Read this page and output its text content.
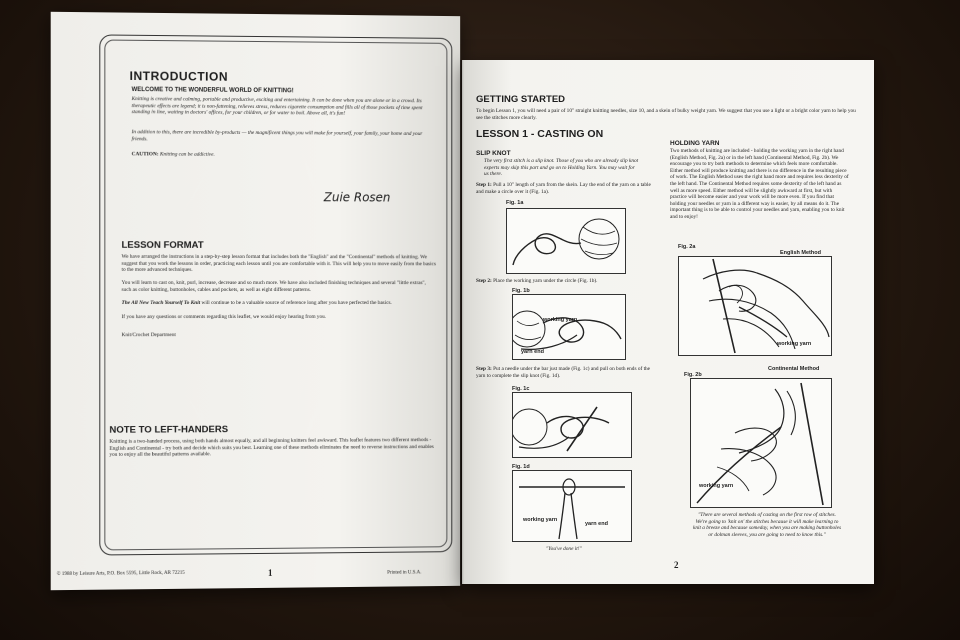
INTRODUCTION
WELCOME TO THE WONDERFUL WORLD OF KNITTING!
Knitting is creative and calming, portable and productive, exciting and entertaining. It can be done when you are alone or in a crowd. Its therapeutic effects are legend; it is non-fattening, relieves stress, reduces cigarette consumption and fills all of those pockets of time spent standing in line, waiting in doctors' offices, for your children, or for water to boil. Above all, it's fun!
In addition to this, there are incredible by-products — the magnificent things you will make for yourself, your family, your home and your friends.
CAUTION: Knitting can be addictive.
Zuie Rosen
LESSON FORMAT
We have arranged the instructions in a step-by-step lesson format that includes both the "English" and the "Continental" methods of knitting. We suggest that you work the lessons in order, practicing each lesson until you are comfortable with it. This will help you to move easily from the basics to the more advanced techniques.
You will learn to cast on, knit, purl, increase, decrease and so much more. We have also included finishing techniques and several "little extras", such as color knitting, buttonholes, cables and pockets, as well as eight different patterns.
The All New Teach Yourself To Knit will continue to be a valuable source of reference long after you have perfected the basics.
If you have any questions or comments regarding this leaflet, we would enjoy hearing from you.
Knit/Crochet Department
NOTE TO LEFT-HANDERS
Knitting is a two-handed process, using both hands almost equally, and all beginning knitters feel awkward. This leaflet features two different methods - English and Continental - try both and decide which suits you best. Learning one of these methods eliminates the need to reverse instructions and enables you to enjoy all the beautiful patterns available.
© 1988 by Leisure Arts, P.O. Box 5595, Little Rock, AR 72215	1	Printed in U.S.A.
GETTING STARTED
To begin Lesson 1, you will need a pair of 10" straight knitting needles, size 10, and a skein of bulky weight yarn. We suggest that you use a light or a bright color yarn to help you see the stitches more clearly.
LESSON 1 - CASTING ON
SLIP KNOT
The very first stitch is a slip knot. Those of you who are already slip knot experts may skip this part and go on to Holding Yarn. You may wait for us there.
Step 1: Pull a 10" length of yarn from the skein. Lay the end of the yarn on a table and make a circle over it (Fig. 1a).
Fig. 1a
Step 2: Place the working yarn under the circle (Fig. 1b).
Fig. 1b
working yarn
yarn end
Step 3: Put a needle under the bar just made (Fig. 1c) and pull on both ends of the yarn to complete the slip knot (Fig. 1d).
Fig. 1c
Fig. 1d
working yarn
yarn end
"You've done it!"
HOLDING YARN
Two methods of knitting are included - holding the working yarn in the right hand (English Method, Fig. 2a) or in the left hand (Continental Method, Fig. 2b). We encourage you to try both methods to determine which feels more comfortable. Either method will produce knitting and there is no difference in the resulting piece of work. The English Method uses the right hand more and requires less dexterity of the left hand. The Continental Method requires some dexterity of the left hand as well as more speed. Either method will be slightly awkward at first, but with practice will become easier and your work will be more even. If you find that holding your needles or yarn in a different way is easier, by all means do it. The important thing is to be able to control your needles and yarn, enabling you to knit and to enjoy!
Fig. 2a
English Method
working yarn
Fig. 2b
Continental Method
working yarn
"There are several methods of casting on the first row of stitches. We're going to 'knit on' the stitches because it will make learning to knit a breeze and because someday, when you are making buttonholes or dolman sleeves, you are going to need to know this."
2
